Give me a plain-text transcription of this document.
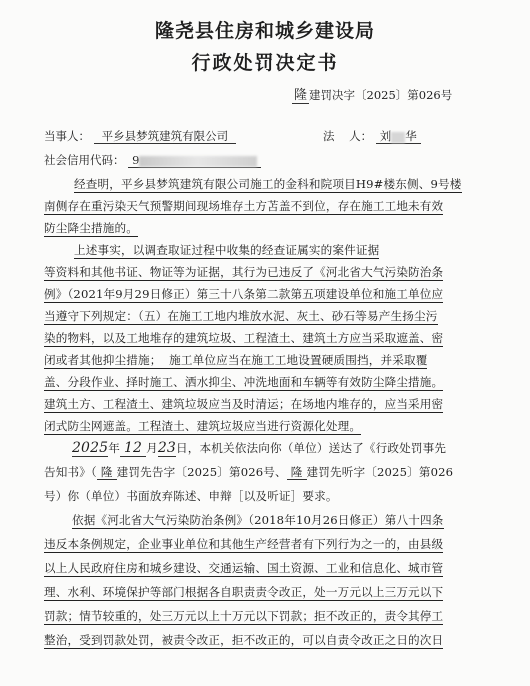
隆尧县住房和城乡建设局
行政处罚决定书
隆 建罚决字〔2025〕第026号
当事人： 平乡县梦筑建筑有限公司	法    人： 刘 华
社会信用代码： 9
经查明，平乡县梦筑建筑有限公司施工的金科和院项目H9#楼东侧、9号楼
南侧存在重污染天气预警期间现场堆存土方苫盖不到位，存在施工工地未有效
防尘降尘措施的。
上述事实，以调查取证过程中收集的经查证属实的案件证据
等资料和其他书证、物证等为证据，其行为已违反了《河北省大气污染防治条
例》（2021年9月29日修正）第三十八条第二款第五项建设单位和施工单位应
当遵守下列规定：（五）在施工工地内堆放水泥、灰土、砂石等易产生扬尘污
染的物料，以及工地堆存的建筑垃圾、工程渣土、建筑土方应当采取遮盖、密
闭或者其他抑尘措施；  施工单位应当在施工工地设置硬质围挡，并采取覆
盖、分段作业、择时施工、洒水抑尘、冲洗地面和车辆等有效防尘降尘措施。
建筑土方、工程渣土、建筑垃圾应当及时清运；在场地内堆存的，应当采用密
闭式防尘网遮盖。工程渣土、建筑垃圾应当进行资源化处理。
2025年 12 月23日，本机关依法向你（单位）送达了《行政处罚事先
告知书》（ 隆 建罚先告字〔2025〕第026号、 隆 建罚先听字〔2025〕第026
号）你（单位）书面放弃陈述、申辩［以及听证］要求。
依据《河北省大气污染防治条例》（2018年10月26日修正）第八十四条
违反本条例规定，企业事业单位和其他生产经营者有下列行为之一的，由县级
以上人民政府住房和城乡建设、交通运输、国土资源、工业和信息化、城市管
理、水利、环境保护等部门根据各自职责责令改正，处一万元以上三万元以下
罚款；情节较重的，处三万元以上十万元以下罚款；拒不改正的，责令其停工
整治，受到罚款处罚，被责令改正，拒不改正的，可以自责令改正之日的次日
